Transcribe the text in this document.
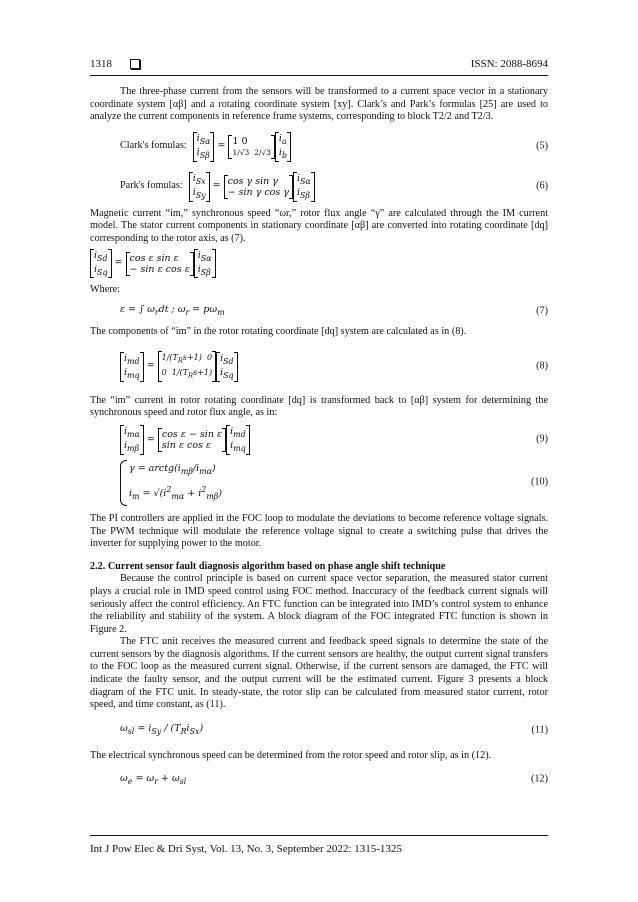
1318	ISSN: 2088-8694

The three-phase current from the sensors will be transformed to a current space vector in a stationary coordinate system [αβ] and a rotating coordinate system [xy]. Clark’s and Park’s formulas [25] are used to analyze the current components in reference frame systems, corresponding to block T2/2 and T2/3.

Clark's fomulas:
$i_{S\alpha}$
$i_{S\beta}$
= 1 0
1/√3  2/√3
$i_a$
$i_b$
(5)
Park's fomulas:
$i_{Sx}$
$i_{Sy}$
= cos γ sin γ
− sin γ cos γ
$i_{S\alpha}$
$i_{S\beta}$
(6)

Magnetic current “im,” synchronous speed “ωr,” rotor flux angle “γ” are calculated through the IM current model. The stator current components in stationary coordinate [αβ] are converted into rotating coordinate [dq] corresponding to the rotor axis, as (7).

$i_{Sd}$
$i_{Sq}$
= cos ε sin ε
− sin ε cos ε
$i_{S\alpha}$
$i_{S\beta}$

Where:

ε = ∫ $\omega_rdt$ ; $\omega_r = p\omega_m$	(7)

The components of “im” in the rotor rotating coordinate [dq] system are calculated as in (8).

$i_{md}$
$i_{mq}$
=
$1/(T_Rs+1)$  0
0  $1/(T_Rs+1)$
$i_{Sd}$
$i_{Sq}$
(8)

The “im” current in rotor rotating coordinate [dq] is transformed back to [αβ] system for determining the synchronous speed and rotor flux angle, as in:

$i_{m\alpha}$
$i_{m\beta}$
= cos ε − sin ε
sin ε cos ε
$i_{md}$
$i_{mq}$
(9)
$\gamma = arctg(i_{m\beta}/i_{m\alpha})$
$i_m = √(i^2_{m\alpha} + i^2_{m\beta})$
(10)

The PI controllers are applied in the FOC loop to modulate the deviations to become reference voltage signals. The PWM technique will modulate the reference voltage signal to create a switching pulse that drives the inverter for supplying power to the motor.

2.2. Current sensor fault diagnosis algorithm based on phase angle shift technique

Because the control principle is based on current space vector separation, the measured stator current plays a crucial role in IMD speed control using FOC method. Inaccuracy of the feedback current signals will seriously affect the control efficiency. An FTC function can be integrated into IMD’s control system to enhance the reliability and stability of the system. A block diagram of the FOC integrated FTC function is shown in Figure 2.

The FTC unit receives the measured current and feedback speed signals to determine the state of the current sensors by the diagnosis algorithms. If the current sensors are healthy, the output current signal transfers to the FOC loop as the measured current signal. Otherwise, if the current sensors are damaged, the FTC will indicate the faulty sensor, and the output current will be the estimated current. Figure 3 presents a block diagram of the FTC unit. In steady-state, the rotor slip can be calculated from measured stator current, rotor speed, and time constant, as (11).

$\omega_{sl} = i_{Sy} / (T_Ri_{Sx})$	(11)

The electrical synchronous speed can be determined from the rotor speed and rotor slip, as in (12).

$\omega_e = \omega_r + \omega_{sl}$	(12)
Int J Pow Elec & Dri Syst, Vol. 13, No. 3, September 2022: 1315-1325
